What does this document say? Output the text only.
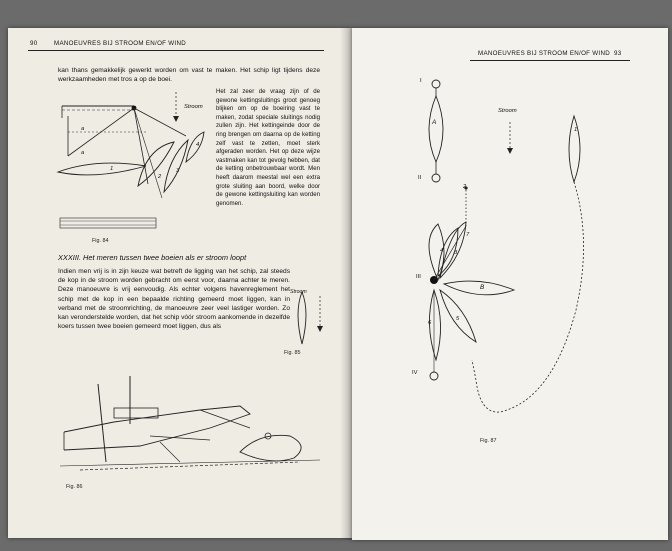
90	MANOEUVRES BIJ STROOM EN/OF WIND

kan thans gemakkelijk gewerkt worden om vast te maken. Het schip ligt tijdens deze werkzaamheden met tros a op de boei.

Stroom
a
a
1
2
3
4
Fig. 84

Het zal zeer de vraag zijn of de gewone kettingsluitings groot genoeg blijken om op de boeiring vast te maken, zodat speciale sluitings nodig zullen zijn. Het kettingeinde door de ring brengen om daarna op de ketting zelf vast te zetten, moet sterk afgeraden worden. Het op deze wijze vastmaken kan tot gevolg hebben, dat de ketting onbetrouwbaar wordt. Men heeft daarom meestal wel een extra grote sluiting aan boord, welke door de gewone kettingsluiting kan worden genomen.

XXXIII. Het meren tussen twee boeien als er stroom loopt

Indien men vrij is in zijn keuze wat betreft de ligging van het schip, zal steeds de kop in de stroom worden gebracht om eerst voor, daarna achter te meren. Deze manoeuvre is vrij eenvoudig. Als echter volgens havenreglement het schip met de kop in een bepaalde richting gemeerd moet liggen, kan in verband met de stroomrichting, de manoeuvre zeer veel lastiger worden. Zo kan veronderstelde worden, dat het schip vóór stroom aankomende in dezelfde koers tussen twee boeien gemeerd moet liggen, dus als

Stroom
Fig. 85
Fig. 86
MANOEUVRES BIJ STROOM EN/OF WIND 93
I
A
II
Stroom
1
2
3
4
III
B
5
6
7
IV
Fig. 87
